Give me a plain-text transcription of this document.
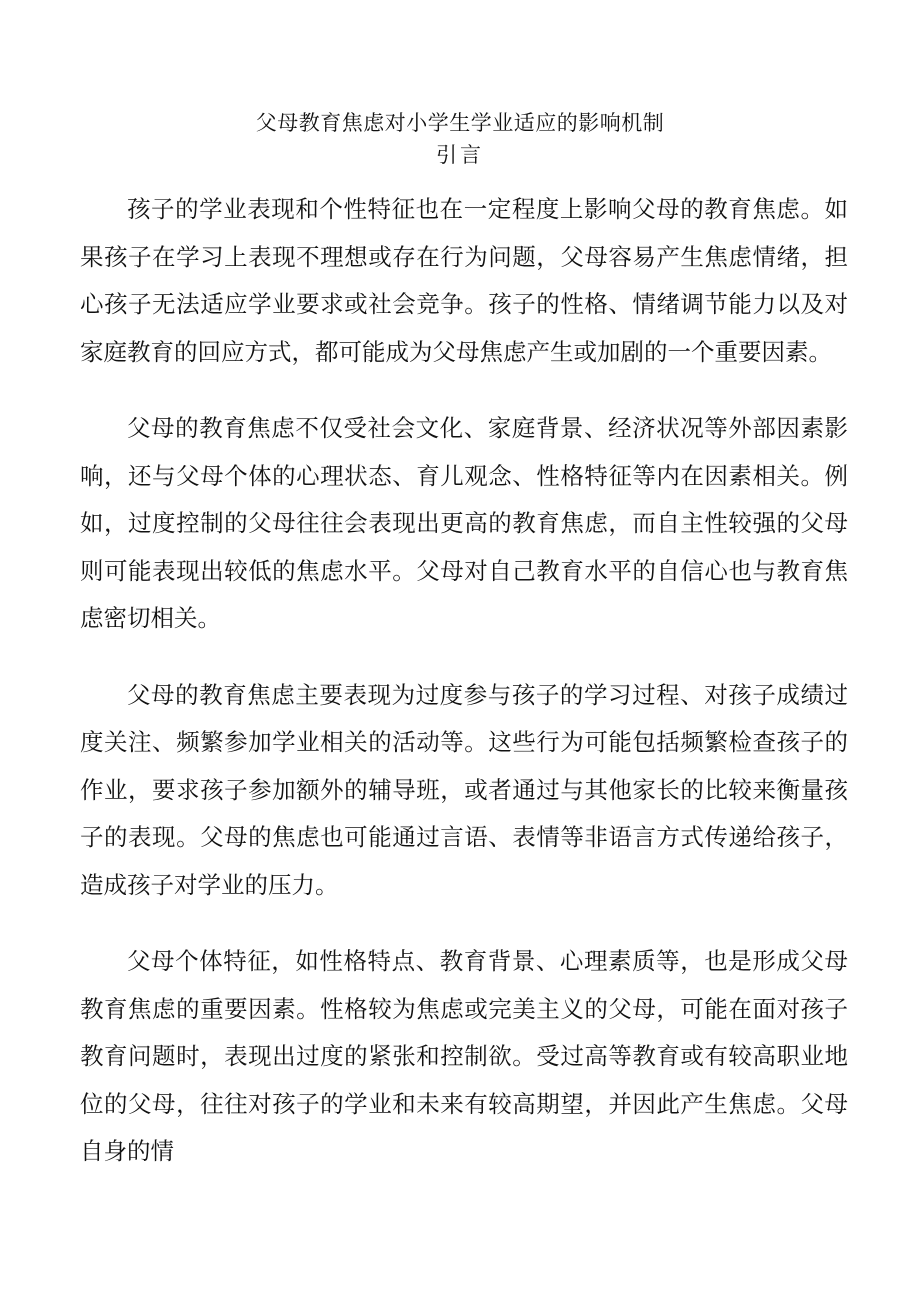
父母教育焦虑对小学生学业适应的影响机制
引言

孩子的学业表现和个性特征也在一定程度上影响父母的教育焦虑。如果孩子在学习上表现不理想或存在行为问题，父母容易产生焦虑情绪，担心孩子无法适应学业要求或社会竞争。孩子的性格、情绪调节能力以及对家庭教育的回应方式，都可能成为父母焦虑产生或加剧的一个重要因素。

父母的教育焦虑不仅受社会文化、家庭背景、经济状况等外部因素影响，还与父母个体的心理状态、育儿观念、性格特征等内在因素相关。例如，过度控制的父母往往会表现出更高的教育焦虑，而自主性较强的父母则可能表现出较低的焦虑水平。父母对自己教育水平的自信心也与教育焦虑密切相关。

父母的教育焦虑主要表现为过度参与孩子的学习过程、对孩子成绩过度关注、频繁参加学业相关的活动等。这些行为可能包括频繁检查孩子的作业，要求孩子参加额外的辅导班，或者通过与其他家长的比较来衡量孩子的表现。父母的焦虑也可能通过言语、表情等非语言方式传递给孩子，造成孩子对学业的压力。

父母个体特征，如性格特点、教育背景、心理素质等，也是形成父母教育焦虑的重要因素。性格较为焦虑或完美主义的父母，可能在面对孩子教育问题时，表现出过度的紧张和控制欲。受过高等教育或有较高职业地位的父母，往往对孩子的学业和未来有较高期望，并因此产生焦虑。父母自身的情
